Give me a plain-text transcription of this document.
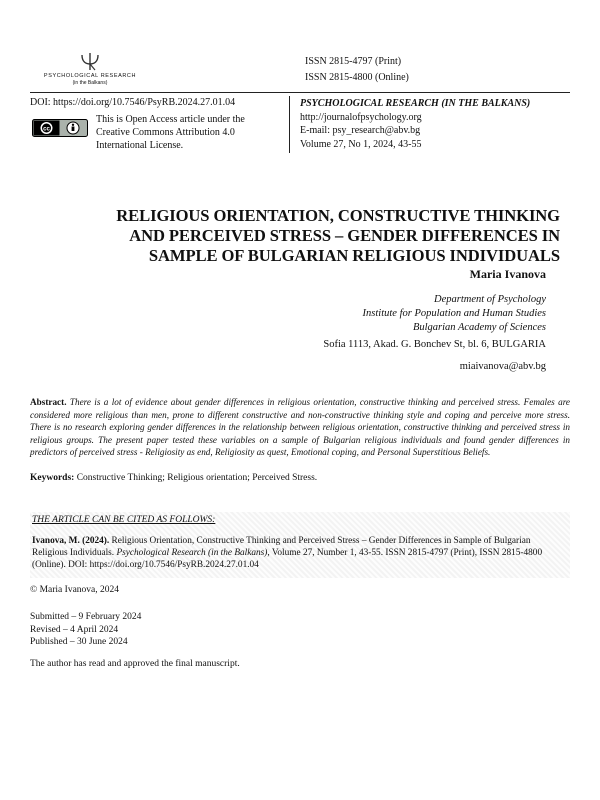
PSYCHOLOGICAL RESEARCH
(in the Balkans)
ISSN 2815-4797 (Print)
ISSN 2815-4800 (Online)
DOI: https://doi.org/10.7546/PsyRB.2024.27.01.04
cc
This is Open Access article under the
Creative Commons Attribution 4.0
International License.
PSYCHOLOGICAL RESEARCH (IN THE BALKANS)
http://journalofpsychology.org
E-mail: psy_research@abv.bg
Volume 27, No 1, 2024, 43-55
RELIGIOUS ORIENTATION, CONSTRUCTIVE THINKING
AND PERCEIVED STRESS – GENDER DIFFERENCES IN
SAMPLE OF BULGARIAN RELIGIOUS INDIVIDUALS
Maria Ivanova
Department of Psychology
Institute for Population and Human Studies
Bulgarian Academy of Sciences
Sofia 1113, Akad. G. Bonchev St, bl. 6, BULGARIA
miaivanova@abv.bg
Abstract. There is a lot of evidence about gender differences in religious orientation, constructive thinking and perceived stress. Females are considered more religious than men, prone to different constructive and non-constructive thinking style and coping and perceive more stress. There is no research exploring gender differences in the relationship between religious orientation, constructive thinking and perceived stress in religious groups. The present paper tested these variables on a sample of Bulgarian religious individuals and found gender differences in predictors of perceived stress - Religiosity as end, Religiosity as quest, Emotional coping, and Personal Superstitious Beliefs.
Keywords: Constructive Thinking; Religious orientation; Perceived Stress.
THE ARTICLE CAN BE CITED AS FOLLOWS:
Ivanova, M. (2024). Religious Orientation, Constructive Thinking and Perceived Stress – Gender Differences in Sample of Bulgarian Religious Individuals. Psychological Research (in the Balkans), Volume 27, Number 1, 43-55. ISSN 2815-4797 (Print), ISSN 2815-4800 (Online). DOI: https://doi.org/10.7546/PsyRB.2024.27.01.04
© Maria Ivanova, 2024
Submitted – 9 February 2024
Revised – 4 April 2024
Published – 30 June 2024
The author has read and approved the final manuscript.
